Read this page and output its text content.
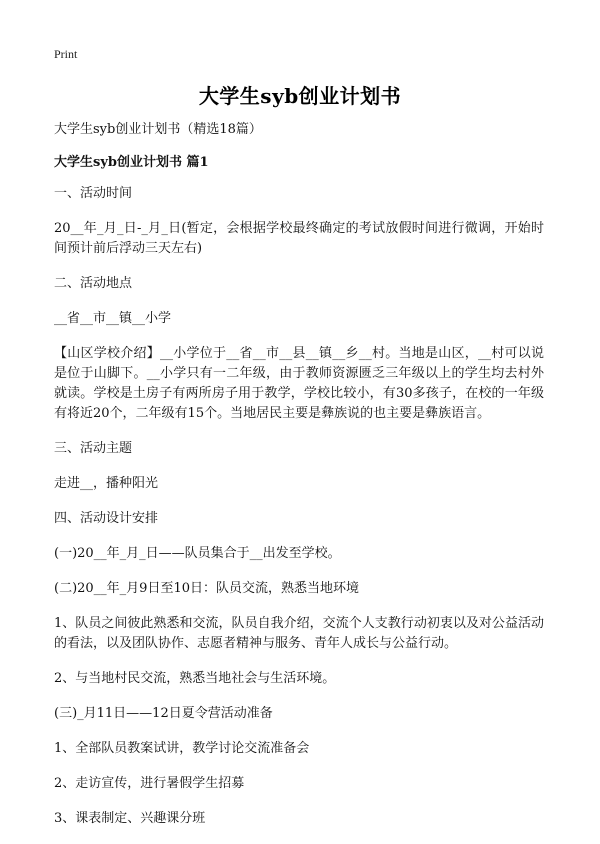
Print
大学生syb创业计划书
大学生syb创业计划书（精选18篇）
大学生syb创业计划书 篇1

一、活动时间

20__年_月_日-_月_日(暂定，会根据学校最终确定的考试放假时间进行微调，开始时间预计前后浮动三天左右)

二、活动地点

__省__市__镇__小学

【山区学校介绍】__小学位于__省__市__县__镇__乡__村。当地是山区，__村可以说是位于山脚下。__小学只有一二年级，由于教师资源匮乏三年级以上的学生均去村外就读。学校是土房子有两所房子用于教学，学校比较小，有30多孩子，在校的一年级有将近20个，二年级有15个。当地居民主要是彝族说的也主要是彝族语言。

三、活动主题

走进__，播种阳光

四、活动设计安排

(一)20__年_月_日——队员集合于__出发至学校。

(二)20__年_月9日至10日：队员交流，熟悉当地环境

1、队员之间彼此熟悉和交流，队员自我介绍，交流个人支教行动初衷以及对公益活动的看法，以及团队协作、志愿者精神与服务、青年人成长与公益行动。

2、与当地村民交流，熟悉当地社会与生活环境。

(三)_月11日——12日夏令营活动准备

1、全部队员教案试讲，教学讨论交流准备会

2、走访宣传，进行暑假学生招募

3、课表制定、兴趣课分班
